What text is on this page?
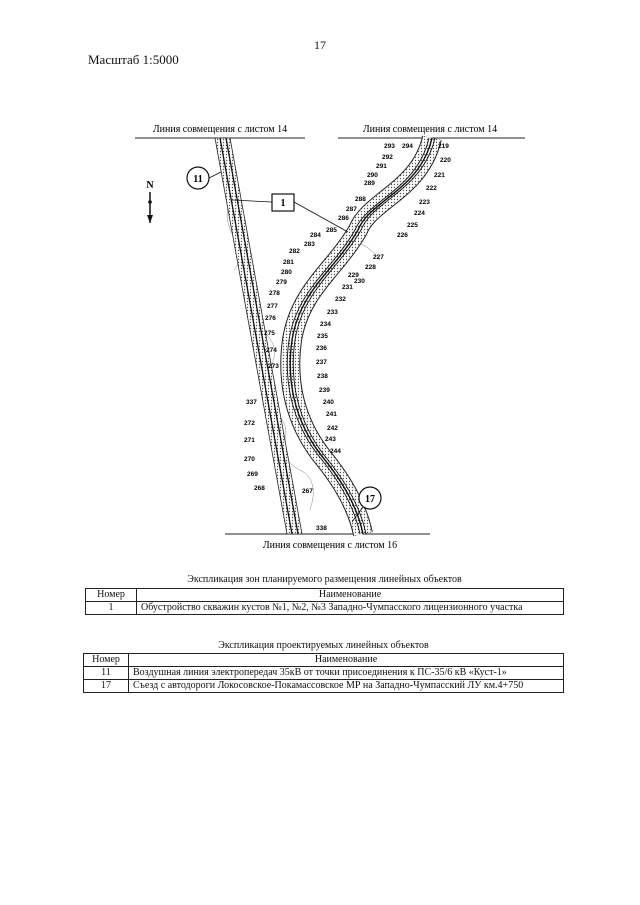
17
Масштаб 1:5000
Линия совмещения с листом 14	Линия совмещения с листом 14
Линия совмещения с листом 16
N
11
17
1
219
220
221
222
223
224
225
226
227
228
229
230
231
232
233
234
235
236
237
238
239
240
241
242
243
244
293 294
292
291
290
289
288
287
286
285
284
283
282
281
280
279
278
277
276
275
274
273
337
272
271
270
269
268	267
338
Экспликация зон планируемого размещения линейных объектов
Номер	Наименование
1	Обустройство скважин кустов №1, №2, №3 Западно-Чумпасского лицензионного участка
Экспликация проектируемых линейных объектов
Номер	Наименование
11	Воздушная линия электропередач 35кВ от точки присоединения к ПС-35/6 кВ «Куст-1»
17	Съезд с автодороги Локосовское-Покамассовское МР на Западно-Чумпасский ЛУ км.4+750
